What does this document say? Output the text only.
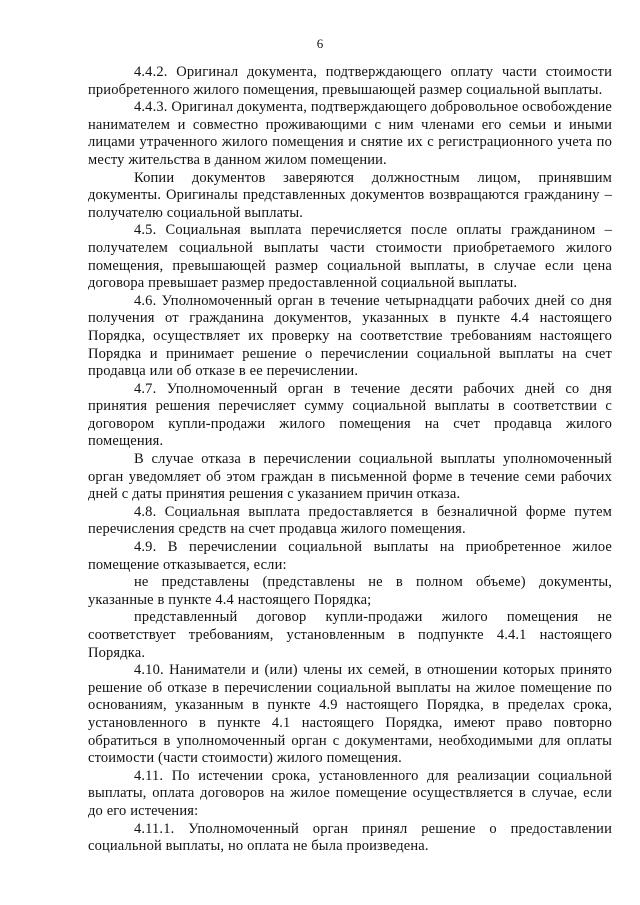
6

4.4.2. Оригинал документа, подтверждающего оплату части стоимости приобретенного жилого помещения, превышающей размер социальной выплаты.

4.4.3. Оригинал документа, подтверждающего добровольное освобождение нанимателем и совместно проживающими с ним членами его семьи и иными лицами утраченного жилого помещения и снятие их с регистрационного учета по месту жительства в данном жилом помещении.

Копии документов заверяются должностным лицом, принявшим документы. Оригиналы представленных документов возвращаются гражданину – получателю социальной выплаты.

4.5. Социальная выплата перечисляется после оплаты гражданином – получателем социальной выплаты части стоимости приобретаемого жилого помещения, превышающей размер социальной выплаты, в случае если цена договора превышает размер предоставленной социальной выплаты.

4.6. Уполномоченный орган в течение четырнадцати рабочих дней со дня получения от гражданина документов, указанных в пункте 4.4 настоящего Порядка, осуществляет их проверку на соответствие требованиям настоящего Порядка и принимает решение о перечислении социальной выплаты на счет продавца или об отказе в ее перечислении.

4.7. Уполномоченный орган в течение десяти рабочих дней со дня принятия решения перечисляет сумму социальной выплаты в соответствии с договором купли-продажи жилого помещения на счет продавца жилого помещения.

В случае отказа в перечислении социальной выплаты уполномоченный орган уведомляет об этом граждан в письменной форме в течение семи рабочих дней с даты принятия решения с указанием причин отказа.

4.8. Социальная выплата предоставляется в безналичной форме путем перечисления средств на счет продавца жилого помещения.

4.9. В перечислении социальной выплаты на приобретенное жилое помещение отказывается, если:

не представлены (представлены не в полном объеме) документы, указанные в пункте 4.4 настоящего Порядка;

представленный договор купли-продажи жилого помещения не соответствует требованиям, установленным в подпункте 4.4.1 настоящего Порядка.

4.10. Наниматели и (или) члены их семей, в отношении которых принято решение об отказе в перечислении социальной выплаты на жилое помещение по основаниям, указанным в пункте 4.9 настоящего Порядка, в пределах срока, установленного в пункте 4.1 настоящего Порядка, имеют право повторно обратиться в уполномоченный орган с документами, необходимыми для оплаты стоимости (части стоимости) жилого помещения.

4.11. По истечении срока, установленного для реализации социальной выплаты, оплата договоров на жилое помещение осуществляется в случае, если до его истечения:

4.11.1. Уполномоченный орган принял решение о предоставлении социальной выплаты, но оплата не была произведена.
